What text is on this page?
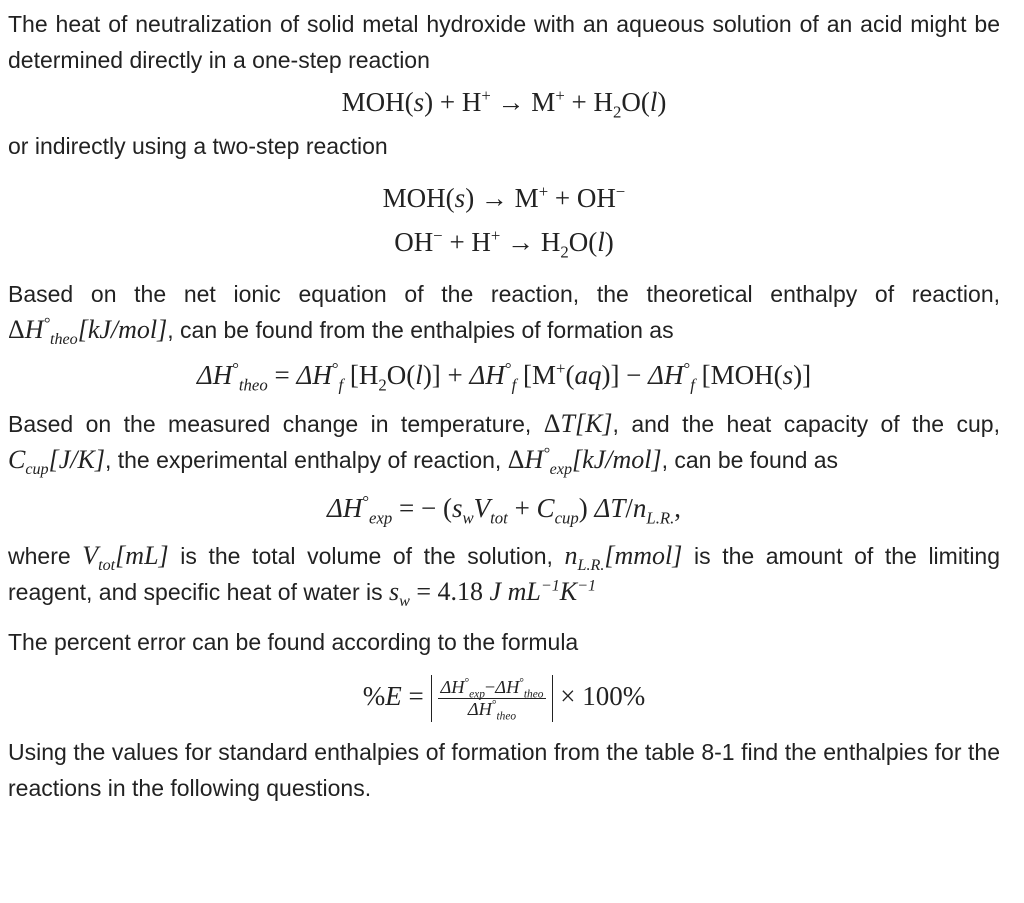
The heat of neutralization of solid metal hydroxide with an aqueous solution of an acid might be determined directly in a one-step reaction

$MOH(s) + H^+ \to M^+ + H_2O(l)$

or indirectly using a two-step reaction

MOH(s) → M+ + OH−
$OH^- + H^+ \to H_2O(l)$

Based on the net ionic equation of the reaction, the theoretical enthalpy of reaction, $\Delta H^\circ_{theo}[kJ/mol]$, can be found from the enthalpies of formation as

$\Delta H^\circ_{theo} = \Delta H^\circ_f$ $[H_2O(l)] + \Delta H^\circ_f$ $[M^+(aq)] - \Delta H^\circ_f$ [MOH(s)]

Based on the measured change in temperature, ΔT[K], and the heat capacity of the cup, $C_{cup}[J/K]$, the experimental enthalpy of reaction, $\Delta H^\circ_{exp}[kJ/mol]$, can be found as

$\Delta H^\circ_{exp}$ = − $(s_wV_{tot} + C_{cup})$ $\Delta T/n_{L.R.}$,

where $V_{tot}[mL]$ is the total volume of the solution, $n_{L.R.}[mmol]$ is the amount of the limiting reagent, and specific heat of water is $s_w = 4.18$ J $mL^{-1}K^{-1}$

The percent error can be found according to the formula

$\%E = \frac{\Delta H^\circ_{exp}-\Delta H^\circ_{theo}}{\Delta H^\circ_{theo}} \times 100\%$

Using the values for standard enthalpies of formation from the table 8-1 find the enthalpies for the reactions in the following questions.
